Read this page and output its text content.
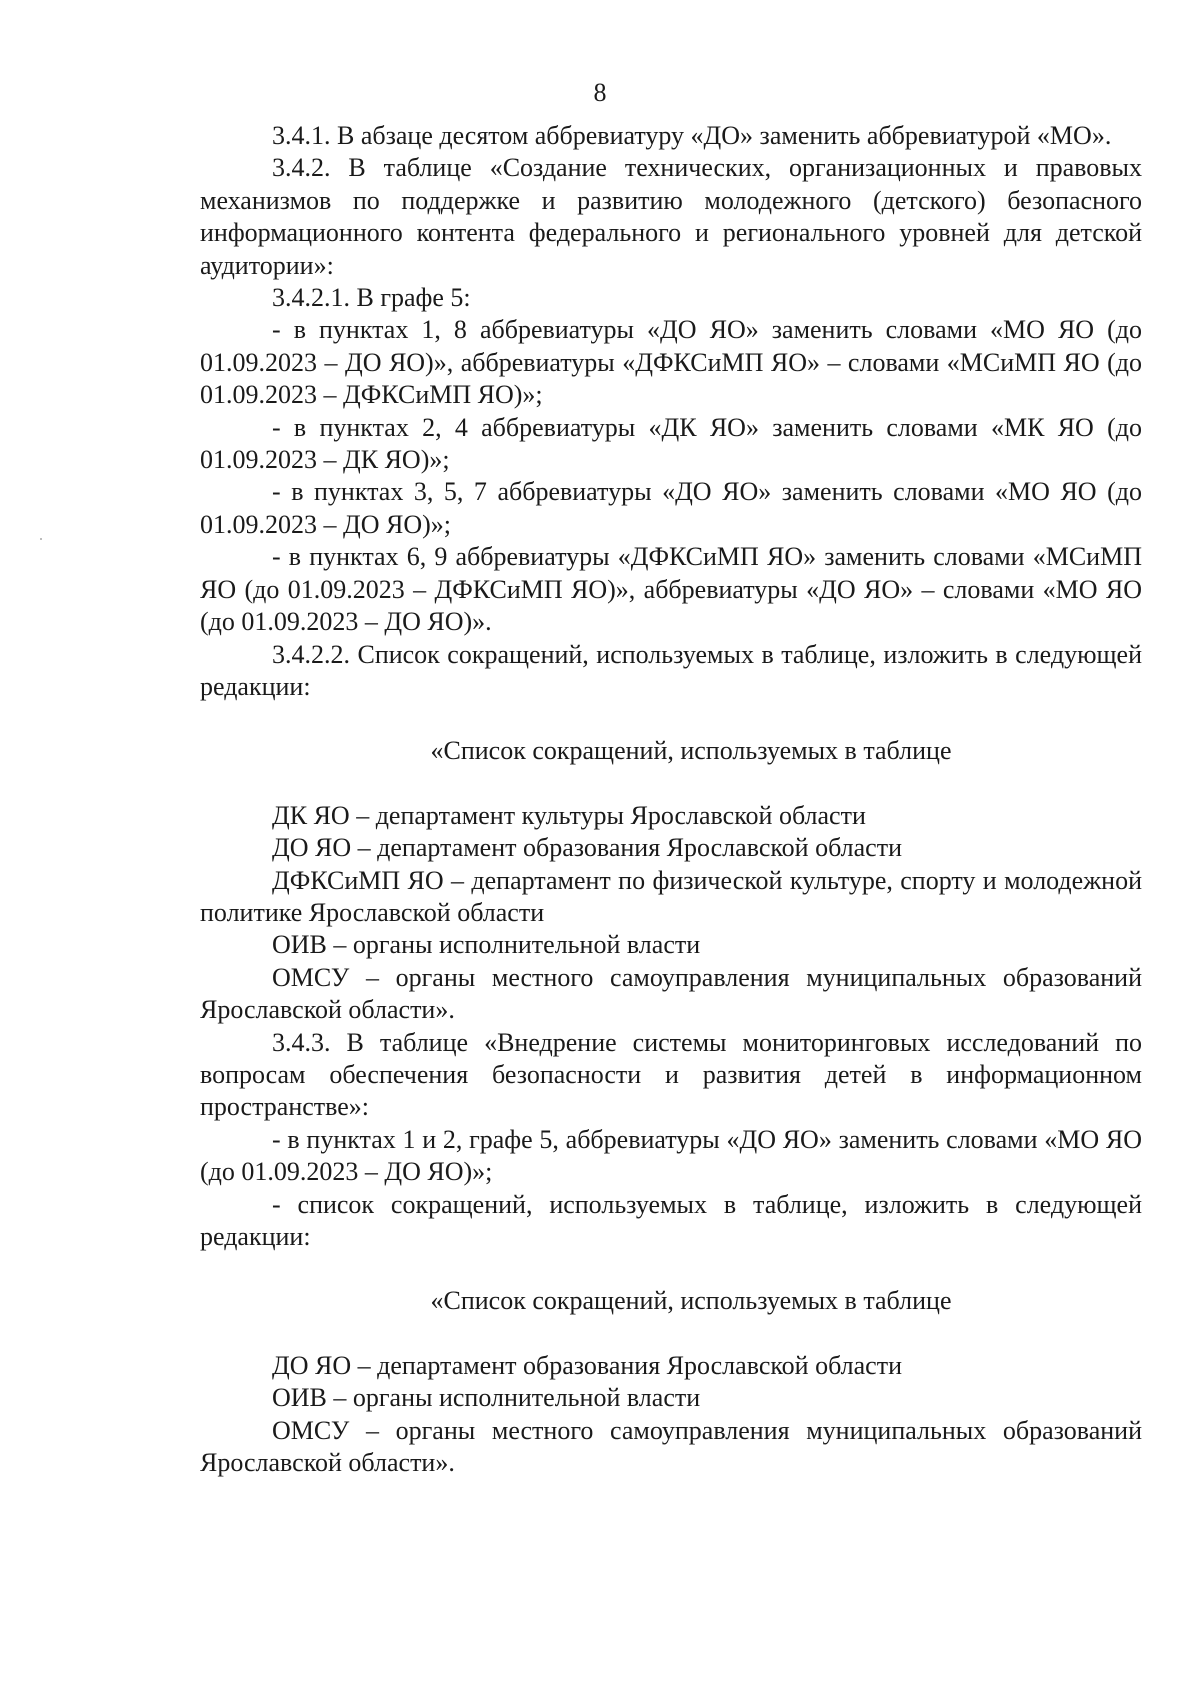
8

3.4.1. В абзаце десятом аббревиатуру «ДО» заменить аббревиатурой «МО».

3.4.2. В таблице «Создание технических, организационных и правовых механизмов по поддержке и развитию молодежного (детского) безопасного информационного контента федерального и регионального уровней для детской аудитории»:

3.4.2.1. В графе 5:

- в пунктах 1, 8 аббревиатуры «ДО ЯО» заменить словами «МО ЯО (до 01.09.2023 – ДО ЯО)», аббревиатуры «ДФКСиМП ЯО» – словами «МСиМП ЯО (до 01.09.2023 – ДФКСиМП ЯО)»;

- в пунктах 2, 4 аббревиатуры «ДК ЯО» заменить словами «МК ЯО (до 01.09.2023 – ДК ЯО)»;

- в пунктах 3, 5, 7 аббревиатуры «ДО ЯО» заменить словами «МО ЯО (до 01.09.2023 – ДО ЯО)»;

- в пунктах 6, 9 аббревиатуры «ДФКСиМП ЯО» заменить словами «МСиМП ЯО (до 01.09.2023 – ДФКСиМП ЯО)», аббревиатуры «ДО ЯО» – словами «МО ЯО (до 01.09.2023 – ДО ЯО)».

3.4.2.2. Список сокращений, используемых в таблице, изложить в следующей редакции:

«Список сокращений, используемых в таблице

ДК ЯО – департамент культуры Ярославской области

ДО ЯО – департамент образования Ярославской области

ДФКСиМП ЯО – департамент по физической культуре, спорту и молодежной политике Ярославской области

ОИВ – органы исполнительной власти

ОМСУ – органы местного самоуправления муниципальных образований Ярославской области».

3.4.3. В таблице «Внедрение системы мониторинговых исследований по вопросам обеспечения безопасности и развития детей в информационном пространстве»:

- в пунктах 1 и 2, графе 5, аббревиатуры «ДО ЯО» заменить словами «МО ЯО (до 01.09.2023 – ДО ЯО)»;

- список сокращений, используемых в таблице, изложить в следующей редакции:

«Список сокращений, используемых в таблице

ДО ЯО – департамент образования Ярославской области

ОИВ – органы исполнительной власти

ОМСУ – органы местного самоуправления муниципальных образований Ярославской области».
